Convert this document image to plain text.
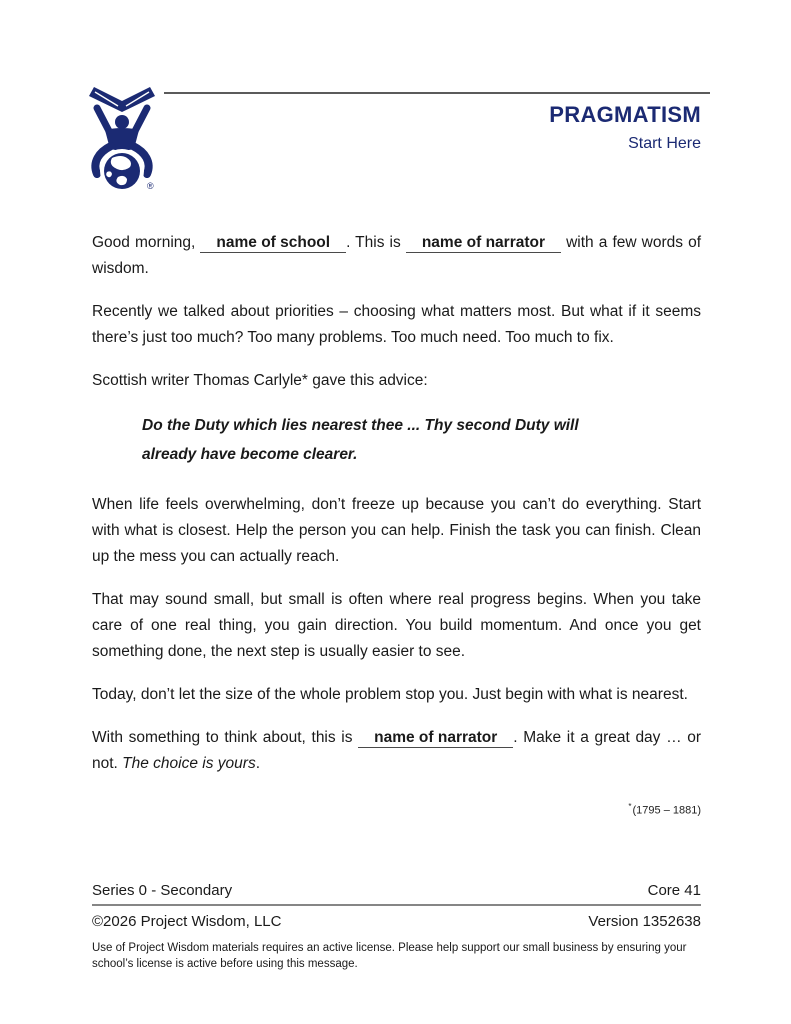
®
PRAGMATISM
Start Here

Good morning, name of school . This is name of narrator with a few words of wisdom.

Recently we talked about priorities – choosing what matters most. But what if it seems there’s just too much? Too many problems. Too much need. Too much to fix.

Scottish writer Thomas Carlyle* gave this advice:

Do the Duty which lies nearest thee ... Thy second Duty will
already have become clearer.

When life feels overwhelming, don’t freeze up because you can’t do everything. Start with what is closest. Help the person you can help. Finish the task you can finish. Clean up the mess you can actually reach.

That may sound small, but small is often where real progress begins. When you take care of one real thing, you gain direction. You build momentum. And once you get something done, the next step is usually easier to see.

Today, don’t let the size of the whole problem stop you. Just begin with what is nearest.

With something to think about, this is name of narrator . Make it a great day … or not. The choice is yours.

*(1795 – 1881)
Series 0 - Secondary	Core 41
©2026 Project Wisdom, LLC	Version 1352638
Use of Project Wisdom materials requires an active license. Please help support our small business by ensuring your school’s license is active before using this message.
